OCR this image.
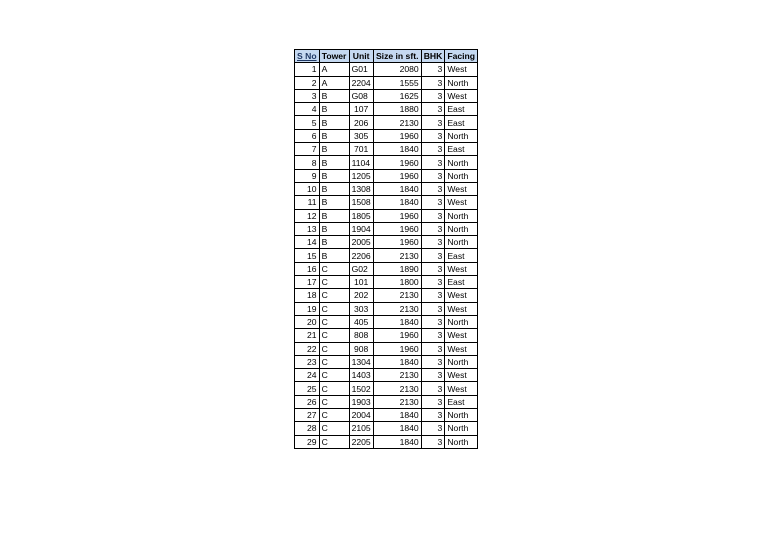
S No	Tower	Unit	Size in sft.	BHK	Facing
1	A	G01	2080	3	West
2	A	2204	1555	3	North
3	B	G08	1625	3	West
4	B	107	1880	3	East
5	B	206	2130	3	East
6	B	305	1960	3	North
7	B	701	1840	3	East
8	B	1104	1960	3	North
9	B	1205	1960	3	North
10	B	1308	1840	3	West
11	B	1508	1840	3	West
12	B	1805	1960	3	North
13	B	1904	1960	3	North
14	B	2005	1960	3	North
15	B	2206	2130	3	East
16	C	G02	1890	3	West
17	C	101	1800	3	East
18	C	202	2130	3	West
19	C	303	2130	3	West
20	C	405	1840	3	North
21	C	808	1960	3	West
22	C	908	1960	3	West
23	C	1304	1840	3	North
24	C	1403	2130	3	West
25	C	1502	2130	3	West
26	C	1903	2130	3	East
27	C	2004	1840	3	North
28	C	2105	1840	3	North
29	C	2205	1840	3	North
